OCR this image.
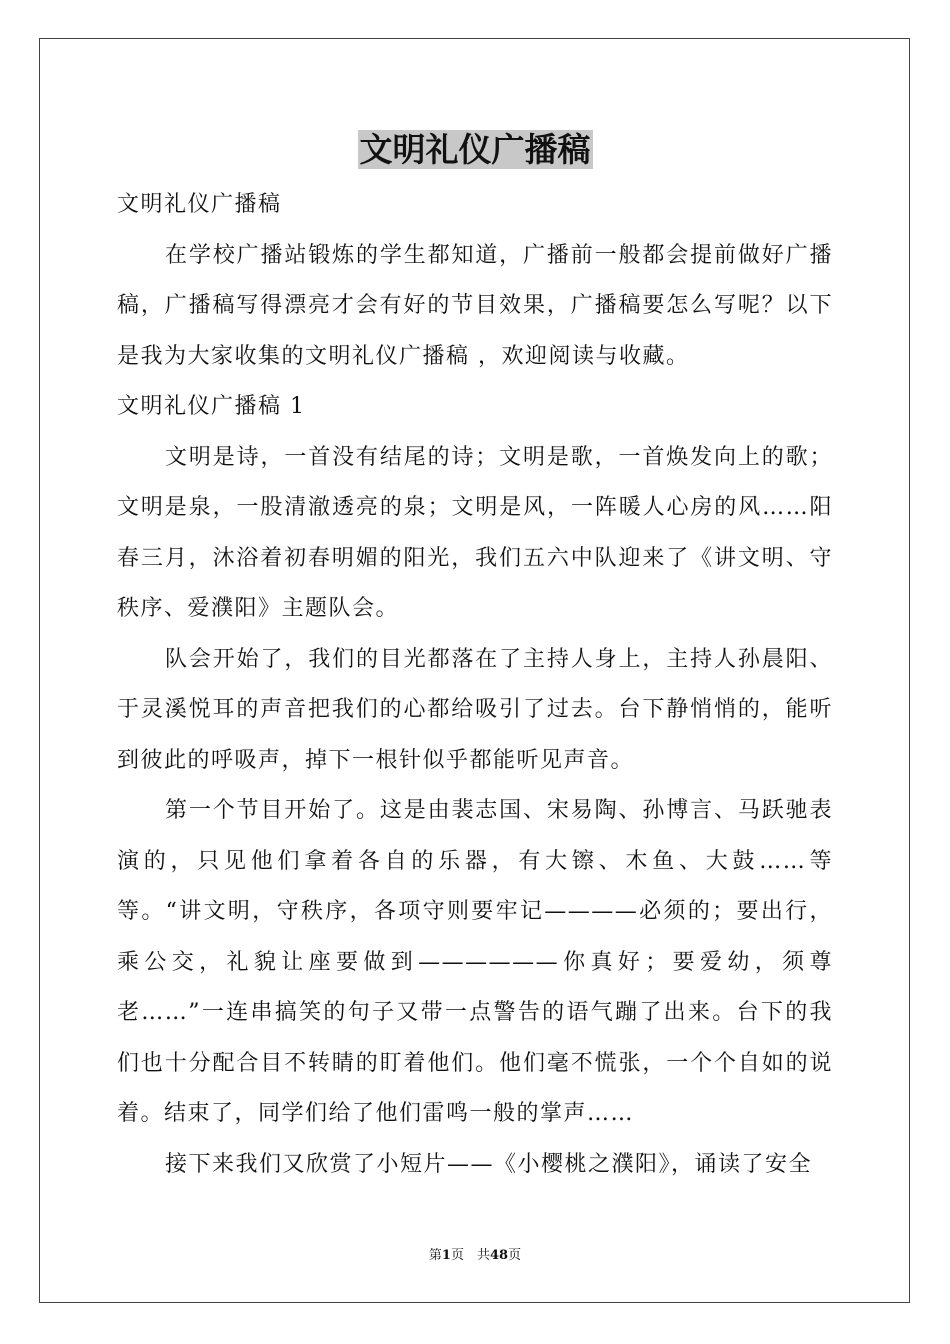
文明礼仪广播稿

文明礼仪广播稿

在学校广播站锻炼的学生都知道，广播前一般都会提前做好广播稿，广播稿写得漂亮才会有好的节目效果，广播稿要怎么写呢？以下是我为大家收集的文明礼仪广播稿 ，欢迎阅读与收藏。

文明礼仪广播稿 1

文明是诗，一首没有结尾的诗；文明是歌，一首焕发向上的歌；文明是泉，一股清澈透亮的泉；文明是风，一阵暖人心房的风……阳春三月，沐浴着初春明媚的阳光，我们五六中队迎来了《讲文明、守秩序、爱濮阳》主题队会。

队会开始了，我们的目光都落在了主持人身上，主持人孙晨阳、于灵溪悦耳的声音把我们的心都给吸引了过去。台下静悄悄的，能听到彼此的呼吸声，掉下一根针似乎都能听见声音。

第一个节目开始了。这是由裴志国、宋易陶、孙博言、马跃驰表演的，只见他们拿着各自的乐器，有大镲、木鱼、大鼓……等等。“讲文明，守秩序，各项守则要牢记————必须的；要出行，乘公交，礼貌让座要做到——————你真好；要爱幼，须尊老……”一连串搞笑的句子又带一点警告的语气蹦了出来。台下的我们也十分配合目不转睛的盯着他们。他们毫不慌张，一个个自如的说着。结束了，同学们给了他们雷鸣一般的掌声……

接下来我们又欣赏了小短片——《小樱桃之濮阳》，诵读了安全

第1页　共48页
